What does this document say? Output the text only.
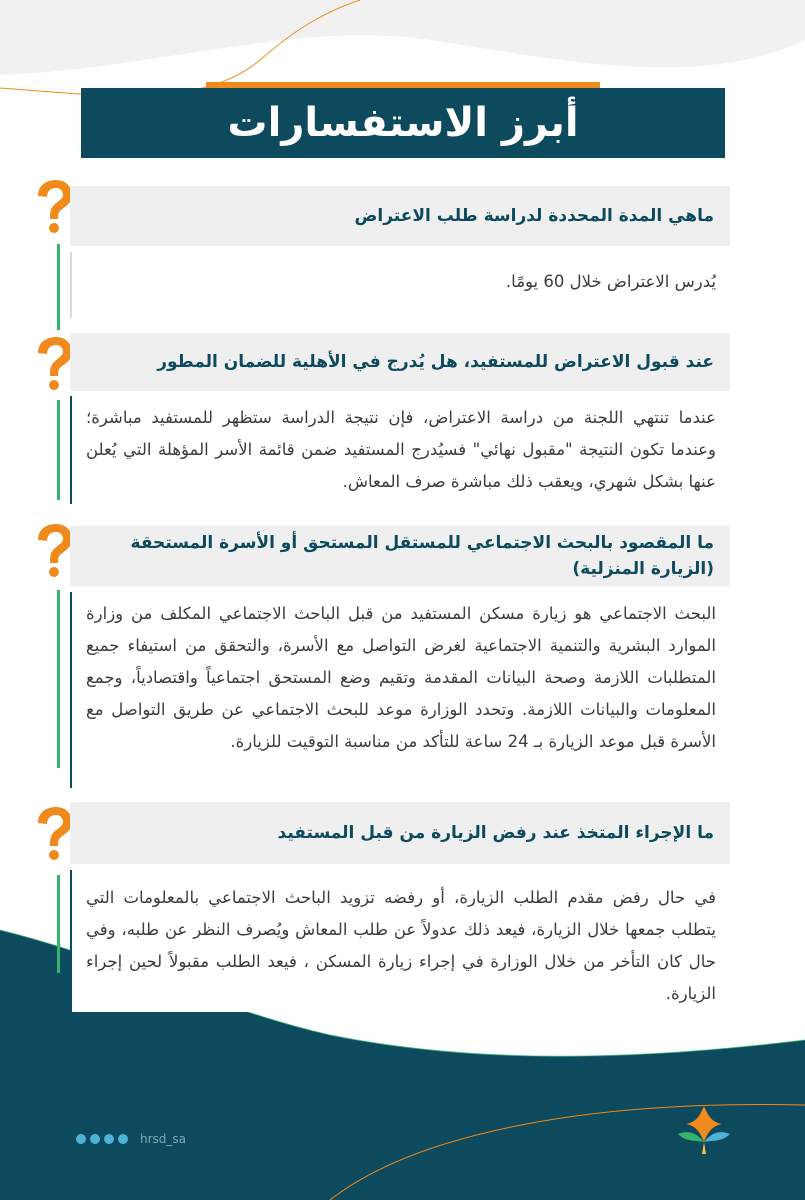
أبرز الاستفسارات
ماهي المدة المحددة لدراسة طلب الاعتراض
يُدرس الاعتراض خلال 60 يومًا.
عند قبول الاعتراض للمستفيد، هل يُدرج في الأهلية للضمان المطور
عندما تنتهي اللجنة من دراسة الاعتراض، فإن نتيجة الدراسة ستظهر للمستفيد مباشرة؛ وعندما تكون النتيجة "مقبول نهائي" فسيُدرج المستفيد ضمن قائمة الأسر المؤهلة التي يُعلن عنها بشكل شهري، ويعقب ذلك مباشرة صرف المعاش.
ما المقصود بالبحث الاجتماعي للمستقل المستحق أو الأسرة المستحقة (الزيارة المنزلية)
البحث الاجتماعي هو زيارة مسكن المستفيد من قبل الباحث الاجتماعي المكلف من وزارة الموارد البشرية والتنمية الاجتماعية لغرض التواصل مع الأسرة، والتحقق من استيفاء جميع المتطلبات اللازمة وصحة البيانات المقدمة وتقيم وضع المستحق اجتماعياً واقتصادياً، وجمع المعلومات والبيانات اللازمة. وتحدد الوزارة موعد للبحث الاجتماعي عن طريق التواصل مع الأسرة قبل موعد الزيارة بـ 24 ساعة للتأكد من مناسبة التوقيت للزيارة.
ما الإجراء المتخذ عند رفض الزيارة من قبل المستفيد
في حال رفض مقدم الطلب الزيارة، أو رفضه تزويد الباحث الاجتماعي بالمعلومات التي يتطلب جمعها خلال الزيارة، فيعد ذلك عدولاً عن طلب المعاش ويُصرف النظر عن طلبه، وفي حال كان التأخر من خلال الوزارة في إجراء زيارة المسكن ، فيعد الطلب مقبولاً لحين إجراء الزيارة.
hrsd_sa
